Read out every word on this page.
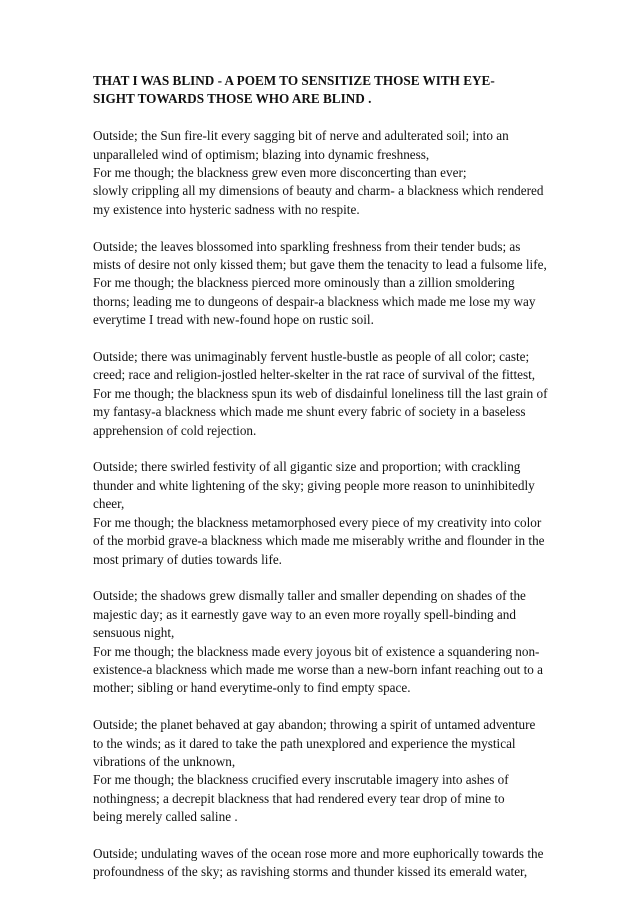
THAT I WAS BLIND - A POEM TO SENSITIZE THOSE WITH EYE-
SIGHT TOWARDS THOSE WHO ARE BLIND .
Outside; the Sun fire-lit every sagging bit of nerve and adulterated soil; into an
unparalleled wind of optimism; blazing into dynamic freshness,
For me though; the blackness grew even more disconcerting than ever;
slowly crippling all my dimensions of beauty and charm- a blackness which rendered
my existence into hysteric sadness with no respite.
Outside; the leaves blossomed into sparkling freshness from their tender buds; as
mists of desire not only kissed them; but gave them the tenacity to lead a fulsome life,
For me though; the blackness pierced more ominously than a zillion smoldering
thorns; leading me to dungeons of despair-a blackness which made me lose my way
everytime I tread with new-found hope on rustic soil.
Outside; there was unimaginably fervent hustle-bustle as people of all color; caste;
creed; race and religion-jostled helter-skelter in the rat race of survival of the fittest,
For me though; the blackness spun its web of disdainful loneliness till the last grain of
my fantasy-a blackness which made me shunt every fabric of society in a baseless
apprehension of cold rejection.
Outside; there swirled festivity of all gigantic size and proportion; with crackling
thunder and white lightening of the sky; giving people more reason to uninhibitedly
cheer,
For me though; the blackness metamorphosed every piece of my creativity into color
of the morbid grave-a blackness which made me miserably writhe and flounder in the
most primary of duties towards life.
Outside; the shadows grew dismally taller and smaller depending on shades of the
majestic day; as it earnestly gave way to an even more royally spell-binding and
sensuous night,
For me though; the blackness made every joyous bit of existence a squandering non-
existence-a blackness which made me worse than a new-born infant reaching out to a
mother; sibling or hand everytime-only to find empty space.
Outside; the planet behaved at gay abandon; throwing a spirit of untamed adventure
to the winds; as it dared to take the path unexplored and experience the mystical
vibrations of the unknown,
For me though; the blackness crucified every inscrutable imagery into ashes of
nothingness; a decrepit blackness that had rendered every tear drop of mine to
being merely called saline .
Outside; undulating waves of the ocean rose more and more euphorically towards the
profoundness of the sky; as ravishing storms and thunder kissed its emerald water,
